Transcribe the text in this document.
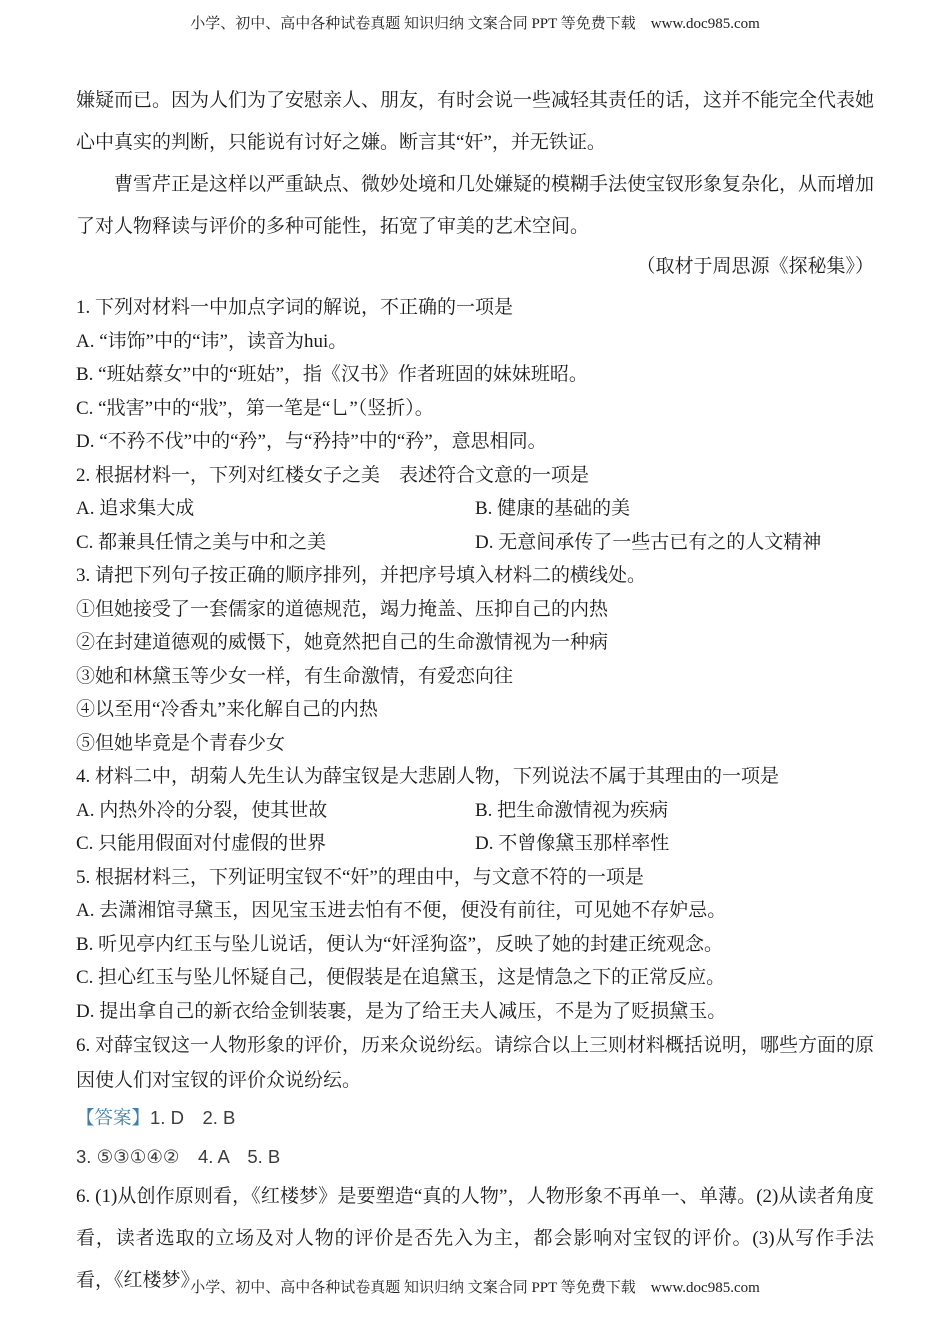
小学、初中、高中各种试卷真题 知识归纳 文案合同 PPT 等免费下载　www.doc985.com
嫌疑而已。因为人们为了安慰亲人、朋友，有时会说一些减轻其责任的话，这并不能完全代表她心中真实的判断，只能说有讨好之嫌。断言其“奸”，并无铁证。
曹雪芹正是这样以严重缺点、微妙处境和几处嫌疑的模糊手法使宝钗形象复杂化，从而增加了对人物释读与评价的多种可能性，拓宽了审美的艺术空间。
（取材于周思源《探秘集》）
1. 下列对材料一中加点字词的解说，不正确的一项是
A. “讳饰”中的“讳”，读音为hui。
B. “班姑蔡女”中的“班姑”，指《汉书》作者班固的妹妹班昭。
C. “戕害”中的“戕”，第一笔是“乚”（竖折）。
D. “不矜不伐”中的“矜”，与“矜持”中的“矜”，意思相同。
2. 根据材料一，下列对红楼女子之美　表述符合文意的一项是
A. 追求集大成	B. 健康的基础的美
C. 都兼具任情之美与中和之美	D. 无意间承传了一些古已有之的人文精神
3. 请把下列句子按正确的顺序排列，并把序号填入材料二的横线处。
①但她接受了一套儒家的道德规范，竭力掩盖、压抑自己的内热
②在封建道德观的威慑下，她竟然把自己的生命激情视为一种病
③她和林黛玉等少女一样，有生命激情，有爱恋向往
④以至用“冷香丸”来化解自己的内热
⑤但她毕竟是个青春少女
4. 材料二中，胡菊人先生认为薛宝钗是大悲剧人物，下列说法不属于其理由的一项是
A. 内热外冷的分裂，使其世故	B. 把生命激情视为疾病
C. 只能用假面对付虚假的世界	D. 不曾像黛玉那样率性
5. 根据材料三，下列证明宝钗不“奸”的理由中，与文意不符的一项是
A. 去潇湘馆寻黛玉，因见宝玉进去怕有不便，便没有前往，可见她不存妒忌。
B. 听见亭内红玉与坠儿说话，便认为“奸淫狗盗”，反映了她的封建正统观念。
C. 担心红玉与坠儿怀疑自己，便假装是在追黛玉，这是情急之下的正常反应。
D. 提出拿自己的新衣给金钏装裹，是为了给王夫人减压，不是为了贬损黛玉。
6. 对薛宝钗这一人物形象的评价，历来众说纷纭。请综合以上三则材料概括说明，哪些方面的原因使人们对宝钗的评价众说纷纭。
【答案】1. D　2. B
3. ⑤③①④②　4. A　5. B
6. (1)从创作原则看，《红楼梦》是要塑造“真的人物”，人物形象不再单一、单薄。(2)从读者角度看，读者选取的立场及对人物的评价是否先入为主，都会影响对宝钗的评价。(3)从写作手法看，《红楼梦》
小学、初中、高中各种试卷真题 知识归纳 文案合同 PPT 等免费下载　www.doc985.com
